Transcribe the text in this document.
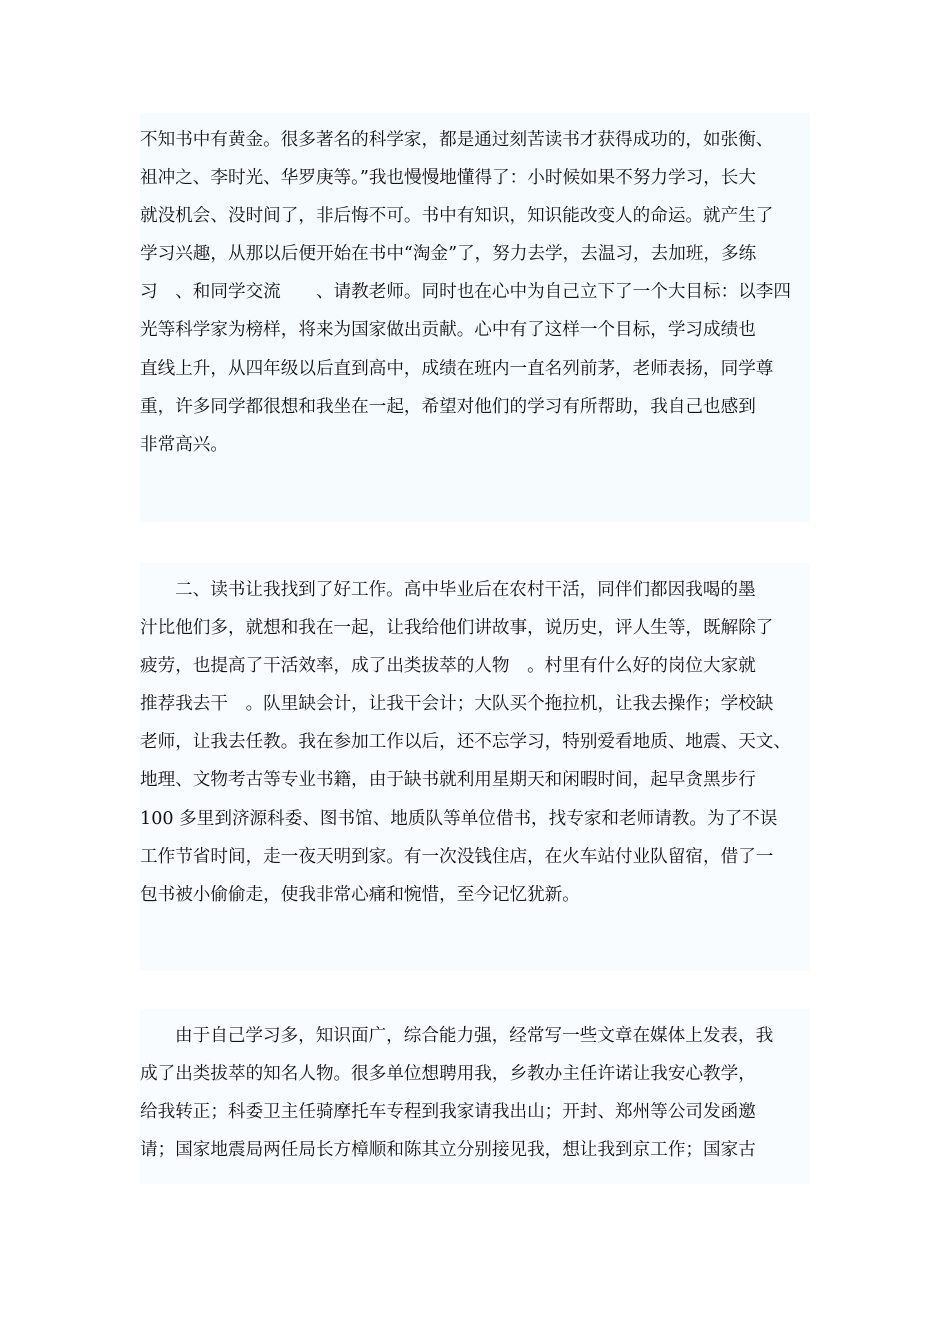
不知书中有黄金。很多著名的科学家，都是通过刻苦读书才获得成功的，如张衡、
祖冲之、李时光、华罗庚等。”我也慢慢地懂得了：小时候如果不努力学习，长大
就没机会、没时间了，非后悔不可。书中有知识，知识能改变人的命运。就产生了
学习兴趣，从那以后便开始在书中“淘金”了，努力去学，去温习，去加班，多练
习　、和同学交流　　、请教老师。同时也在心中为自己立下了一个大目标：以李四
光等科学家为榜样，将来为国家做出贡献。心中有了这样一个目标，学习成绩也
直线上升，从四年级以后直到高中，成绩在班内一直名列前茅，老师表扬，同学尊
重，许多同学都很想和我坐在一起，希望对他们的学习有所帮助，我自己也感到
非常高兴。
二、读书让我找到了好工作。高中毕业后在农村干活，同伴们都因我喝的墨
汁比他们多，就想和我在一起，让我给他们讲故事，说历史，评人生等，既解除了
疲劳，也提高了干活效率，成了出类拔萃的人物　。村里有什么好的岗位大家就
推荐我去干　。队里缺会计，让我干会计；大队买个拖拉机，让我去操作；学校缺
老师，让我去任教。我在参加工作以后，还不忘学习，特别爱看地质、地震、天文、
地理、文物考古等专业书籍，由于缺书就利用星期天和闲暇时间，起早贪黑步行
100 多里到济源科委、图书馆、地质队等单位借书，找专家和老师请教。为了不误
工作节省时间，走一夜天明到家。有一次没钱住店，在火车站付业队留宿，借了一
包书被小偷偷走，使我非常心痛和惋惜，至今记忆犹新。
由于自己学习多，知识面广，综合能力强，经常写一些文章在媒体上发表，我
成了出类拔萃的知名人物。很多单位想聘用我，乡教办主任许诺让我安心教学，
给我转正；科委卫主任骑摩托车专程到我家请我出山；开封、郑州等公司发函邀
请；国家地震局两任局长方樟顺和陈其立分别接见我，想让我到京工作；国家古
